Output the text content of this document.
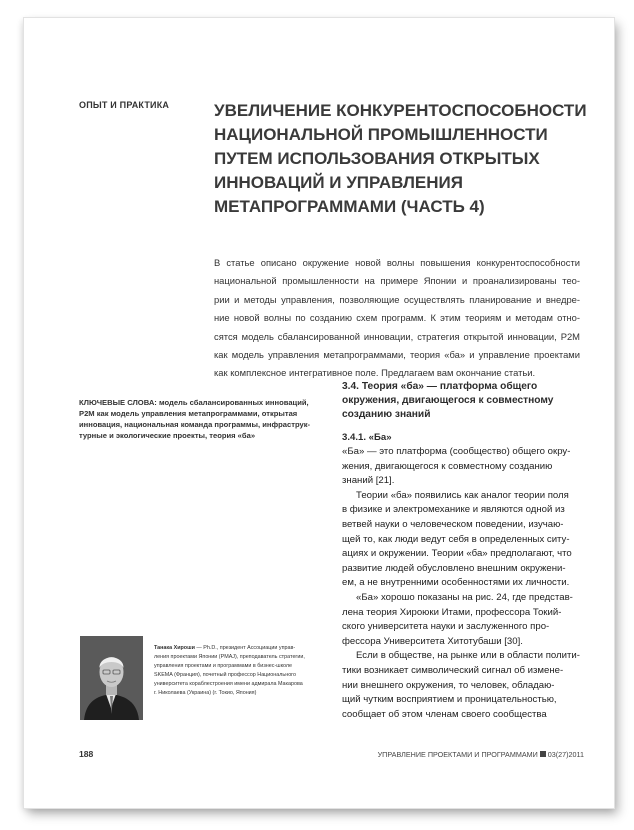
ОПЫТ И ПРАКТИКА	УВЕЛИЧЕНИЕ КОНКУРЕНТОСПОСОБНОСТИ
НАЦИОНАЛЬНОЙ ПРОМЫШЛЕННОСТИ
ПУТЕМ ИСПОЛЬЗОВАНИЯ ОТКРЫТЫХ
ИННОВАЦИЙ И УПРАВЛЕНИЯ
МЕТАПРОГРАММАМИ (ЧАСТЬ 4)
В статье описано окружение новой волны повышения конкурентоспособности
национальной промышленности на примере Японии и проанализированы тео-
рии и методы управления, позволяющие осуществлять планирование и внедре-
ние новой волны по созданию схем программ. К этим теориям и методам отно-
сятся модель сбалансированной инновации, стратегия открытой инновации, P2M
как модель управления метапрограммами, теория «ба» и управление проектами
как комплексное интегративное поле. Предлагаем вам окончание статьи.
КЛЮЧЕВЫЕ СЛОВА: модель сбалансированных инноваций,
P2M как модель управления метапрограммами, открытая
инновация, национальная команда программы, инфраструк-
турные и экологические проекты, теория «ба»
Танака Хироши — Ph.D., президент Ассоциации управ-
ления проектами Японии (PMAJ), преподаватель стратегии,
управления проектами и программами в бизнес-школе
SKEMA (Франция), почетный профессор Национального
университета кораблестроения имени адмирала Макарова
г. Николаева (Украина) (г. Токио, Япония)
3.4. Теория «ба» — платформа общего
окружения, двигающегося к совместному
созданию знаний
3.4.1. «Ба»
«Ба» — это платформа (сообщество) общего окру-
жения, двигающегося к совместному созданию
знаний [21].
Теории «ба» появились как аналог теории поля
в физике и электромеханике и являются одной из
ветвей науки о человеческом поведении, изучаю-
щей то, как люди ведут себя в определенных ситу-
ациях и окружении. Теории «ба» предполагают, что
развитие людей обусловлено внешним окружени-
ем, а не внутренними особенностями их личности.
«Ба» хорошо показаны на рис. 24, где представ-
лена теория Хироюки Итами, профессора Токий-
ского университета науки и заслуженного про-
фессора Университета Хитотубаши [30].
Если в обществе, на рынке или в области полити-
тики возникает символический сигнал об измене-
нии внешнего окружения, то человек, обладаю-
щий чутким восприятием и проницательностью,
сообщает об этом членам своего сообщества
188	УПРАВЛЕНИЕ ПРОЕКТАМИ И ПРОГРАММАМИ 03(27)2011
